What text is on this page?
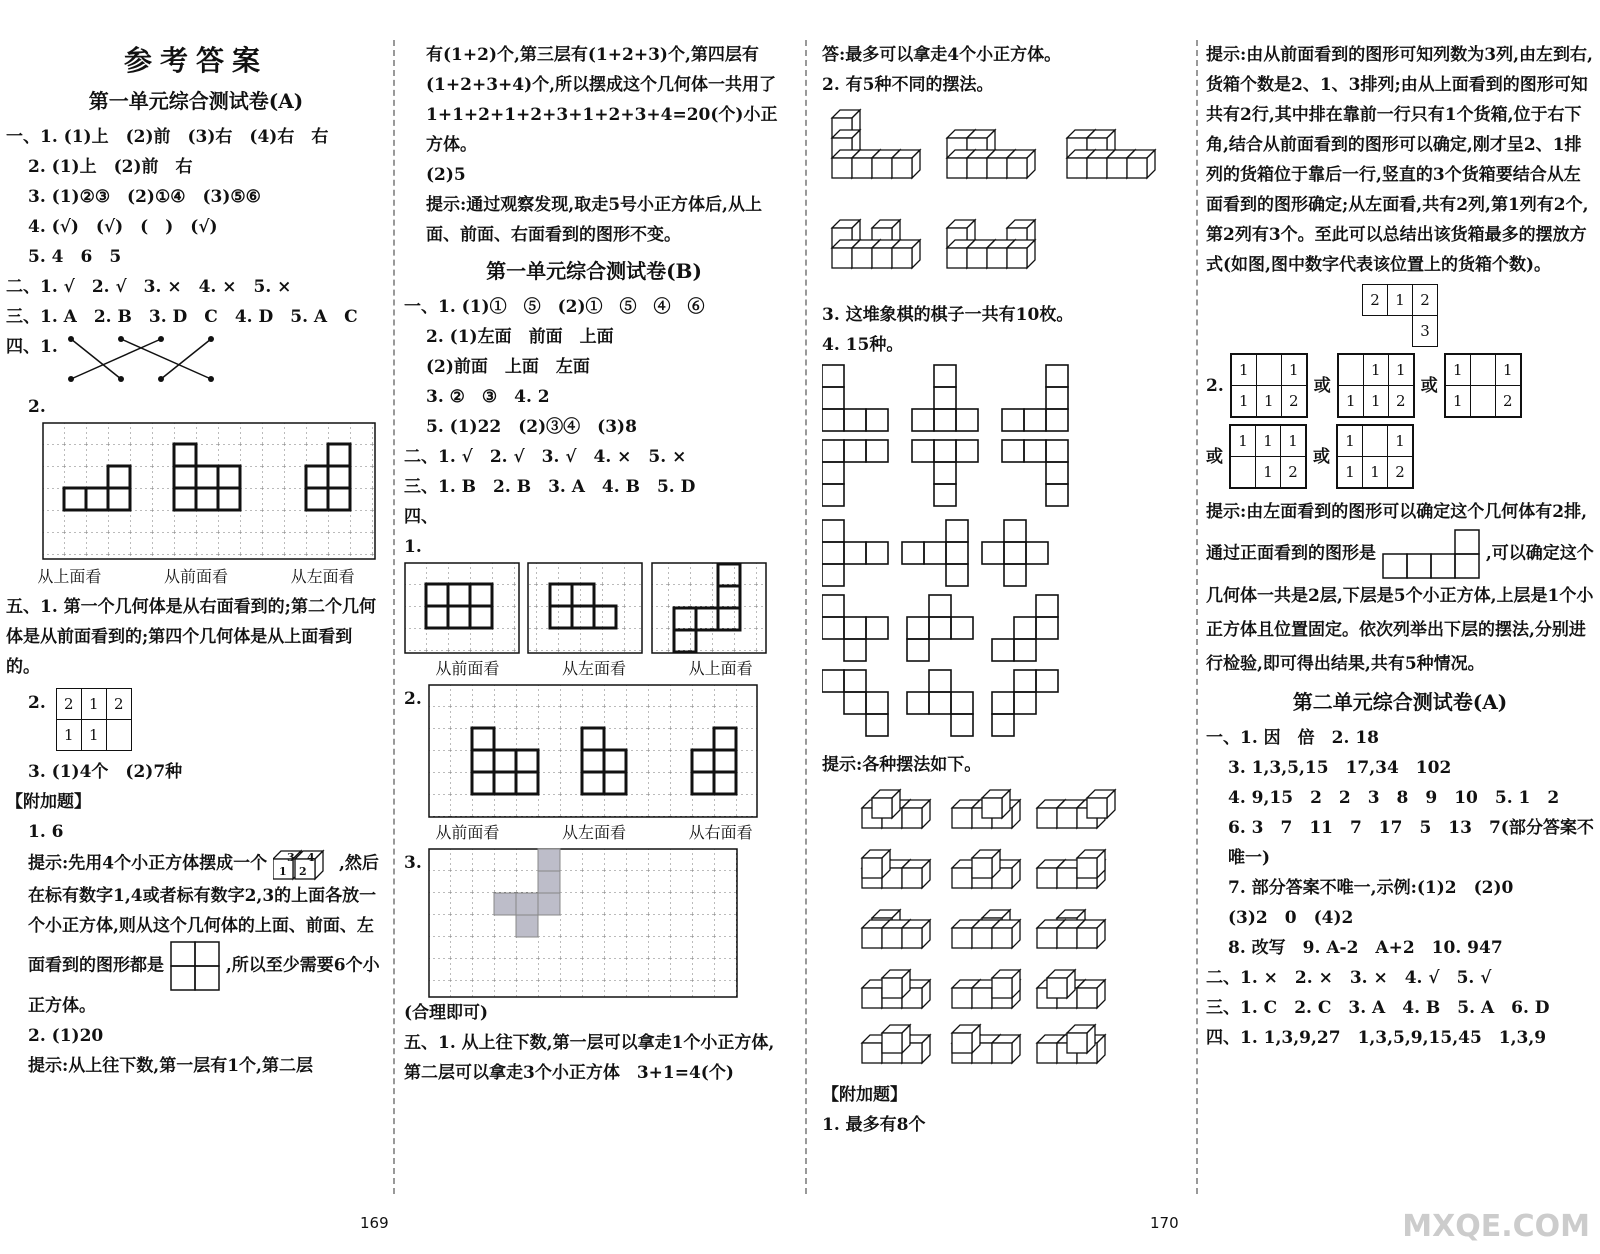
参考答案
第一单元综合测试卷(A)
一、1. (1)上　(2)前　(3)右　(4)右　右
2. (1)上　(2)前　右
3. (1)②③　(2)①④　(3)⑤⑥
4. (√)　(√)　(　)　(√)
5. 4　6　5
二、1. √　2. √　3. ×　4. ×　5. ×
三、1. A　2. B　3. D　C　4. D　5. A　C
四、1.
2.
从上面看	从前面看	从左面看
五、1. 第一个几何体是从右面看到的;第二个几何体是从前面看到的;第四个几何体是从上面看到的。
2. 2	1	2
1	1	
3. (1)4个　(2)7种
【附加题】
1. 6
提示:先用4个小正方体摆成一个 3 4
1 2 ,然后在标有数字1,4或者标有数字2,3的上面各放一个小正方体,则从这个几何体的上面、前面、左面看到的图形都是	,所以至少需要6个小正方体。
2. (1)20
提示:从上往下数,第一层有1个,第二层
有(1+2)个,第三层有(1+2+3)个,第四层有(1+2+3+4)个,所以摆成这个几何体一共用了1+1+2+1+2+3+1+2+3+4=20(个)小正方体。
(2)5
提示:通过观察发现,取走5号小正方体后,从上面、前面、右面看到的图形不变。
第一单元综合测试卷(B)
一、1. (1)①　⑤　(2)①　⑤　④　⑥
2. (1)左面　前面　上面
(2)前面　上面　左面
3. ②　③　4. 2
5. (1)22　(2)③④　(3)8
二、1. √　2. √　3. √　4. ×　5. ×
三、1. B　2. B　3. A　4. B　5. D
四、
1.
从前面看	从左面看	从上面看
2.
从前面看	从左面看	从右面看
3.
(合理即可)
五、1. 从上往下数,第一层可以拿走1个小正方体,第二层可以拿走3个小正方体　3+1=4(个)
169
答:最多可以拿走4个小正方体。
2. 有5种不同的摆法。
3. 这堆象棋的棋子一共有10枚。
4. 15种。
提示:各种摆法如下。
【附加题】
1. 最多有8个
提示:由从前面看到的图形可知列数为3列,由左到右,货箱个数是2、1、3排列;由从上面看到的图形可知共有2行,其中排在靠前一行只有1个货箱,位于右下角,结合从前面看到的图形可以确定,刚才呈2、1排列的货箱位于靠后一行,竖直的3个货箱要结合从左面看到的图形确定;从左面看,共有2列,第1列有2个,第2列有3个。至此可以总结出该货箱最多的摆放方式(如图,图中数字代表该位置上的货箱个数)。
2	1	2
		3
2.
1		1
1	1	2
或
	1	1
1	1	2
或
1		1
1		2
或
1	1	1
	1	2
或
1		1
1	1	2
提示:由左面看到的图形可以确定这个几何体有2排,通过正面看到的图形是	,可以确定这个几何体一共是2层,下层是5个小正方体,上层是1个小正方体且位置固定。依次列举出下层的摆法,分别进行检验,即可得出结果,共有5种情况。
第二单元综合测试卷(A)
一、1. 因　倍　2. 18
3. 1,3,5,15　17,34　102
4. 9,15　2　2　3　8　9　10　5. 1　2
6. 3　7　11　7　17　5　13　7(部分答案不唯一)
7. 部分答案不唯一,示例:(1)2　(2)0
(3)2　0　(4)2
8. 改写　9. A-2　A+2　10. 947
二、1. ×　2. ×　3. ×　4. √　5. √
三、1. C　2. C　3. A　4. B　5. A　6. D
四、1. 1,3,9,27　1,3,5,9,15,45　1,3,9
170	MXQE.COM
